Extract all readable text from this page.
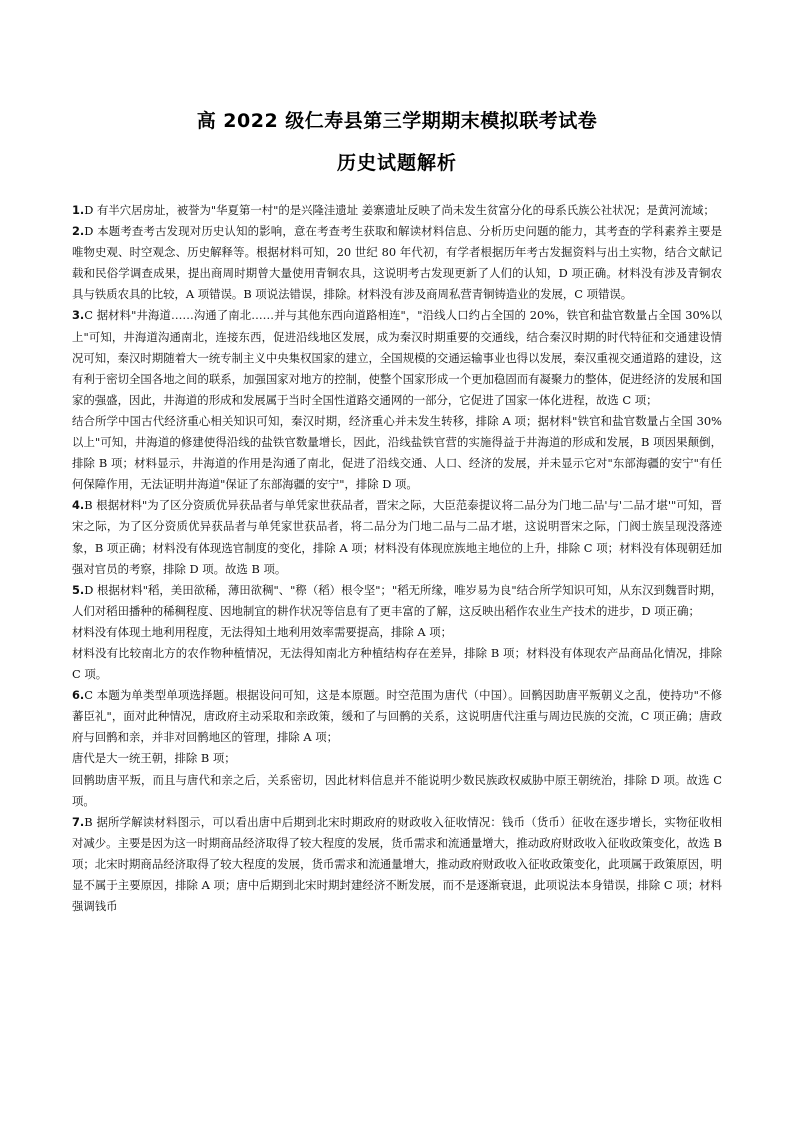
高 2022 级仁寿县第三学期期末模拟联考试卷
历史试题解析

1.D 有半穴居房址，被誉为"华夏第一村"的是兴隆洼遗址 姜寨遗址反映了尚未发生贫富分化的母系氏族公社状况；是黄河流域；

2.D 本题考查考古发现对历史认知的影响，意在考查考生获取和解读材料信息、分析历史问题的能力，其考查的学科素养主要是唯物史观、时空观念、历史解释等。根据材料可知，20 世纪 80 年代初，有学者根据历年考古发掘资料与出土实物，结合文献记载和民俗学调查成果，提出商周时期曾大量使用青铜农具，这说明考古发现更新了人们的认知，D 项正确。材料没有涉及青铜农具与铁质农具的比较，A 项错误。B 项说法错误，排除。材料没有涉及商周私营青铜铸造业的发展，C 项错误。

3.C 据材料"井海道……沟通了南北……并与其他东西向道路相连"，"沿线人口约占全国的 20%，铁官和盐官数量占全国 30%以上"可知，井海道沟通南北，连接东西，促进沿线地区发展，成为秦汉时期重要的交通线，结合秦汉时期的时代特征和交通建设情况可知，秦汉时期随着大一统专制主义中央集权国家的建立，全国规模的交通运输事业也得以发展，秦汉重视交通道路的建设，这有利于密切全国各地之间的联系，加强国家对地方的控制，使整个国家形成一个更加稳固而有凝聚力的整体，促进经济的发展和国家的强盛，因此，井海道的形成和发展属于当时全国性道路交通网的一部分，它促进了国家一体化进程，故选 C 项；

结合所学中国古代经济重心相关知识可知，秦汉时期，经济重心并未发生转移，排除 A 项；据材料"铁官和盐官数量占全国 30%以上"可知，井海道的修建使得沿线的盐铁官数量增长，因此，沿线盐铁官营的实施得益于井海道的形成和发展，B 项因果颠倒，排除 B 项；材料显示，井海道的作用是沟通了南北，促进了沿线交通、人口、经济的发展，并未显示它对"东部海疆的安宁"有任何保障作用，无法证明井海道"保证了东部海疆的安宁"，排除 D 项。

4.B 根据材料"为了区分资质优异获品者与单凭家世获品者，晋宋之际，大臣范泰提议将二品分为门地二品'与'二品才堪'"可知，晋宋之际，为了区分资质优异获品者与单凭家世获品者，将二品分为门地二品与二品才堪，这说明晋宋之际，门阀士族呈现没落迹象，B 项正确；材料没有体现选官制度的变化，排除 A 项；材料没有体现庶族地主地位的上升，排除 C 项；材料没有体现朝廷加强对官员的考察，排除 D 项。故选 B 项。

5.D 根据材料"稻，美田欲稀，薄田欲稠"、"穄（稻）根令坚"；"稻无所缘，唯岁易为良"结合所学知识可知，从东汉到魏晋时期，人们对稻田播种的稀稠程度、因地制宜的耕作状况等信息有了更丰富的了解，这反映出稻作农业生产技术的进步，D 项正确；

材料没有体现土地利用程度，无法得知土地利用效率需要提高，排除 A 项；

材料没有比较南北方的农作物种植情况，无法得知南北方种植结构存在差异，排除 B 项；材料没有体现农产品商品化情况，排除 C 项。

6.C 本题为单类型单项选择题。根据设问可知，这是本原题。时空范围为唐代（中国）。回鹘因助唐平叛朝义之乱，使持功"不修蕃臣礼"，面对此种情况，唐政府主动采取和亲政策，缓和了与回鹘的关系，这说明唐代注重与周边民族的交流，C 项正确；唐政府与回鹘和亲，并非对回鹘地区的管理，排除 A 项；

唐代是大一统王朝，排除 B 项；

回鹘助唐平叛，而且与唐代和亲之后，关系密切，因此材料信息并不能说明少数民族政权威胁中原王朝统治，排除 D 项。故选 C 项。

7.B 据所学解读材料图示，可以看出唐中后期到北宋时期政府的财政收入征收情况：钱币（货币）征收在逐步增长，实物征收相对减少。主要是因为这一时期商品经济取得了较大程度的发展，货币需求和流通量增大，推动政府财政收入征收政策变化，故选 B 项；北宋时期商品经济取得了较大程度的发展，货币需求和流通量增大，推动政府财政收入征收政策变化，此项属于政策原因，明显不属于主要原因，排除 A 项；唐中后期到北宋时期封建经济不断发展，而不是逐渐衰退，此项说法本身错误，排除 C 项；材料强调钱币
